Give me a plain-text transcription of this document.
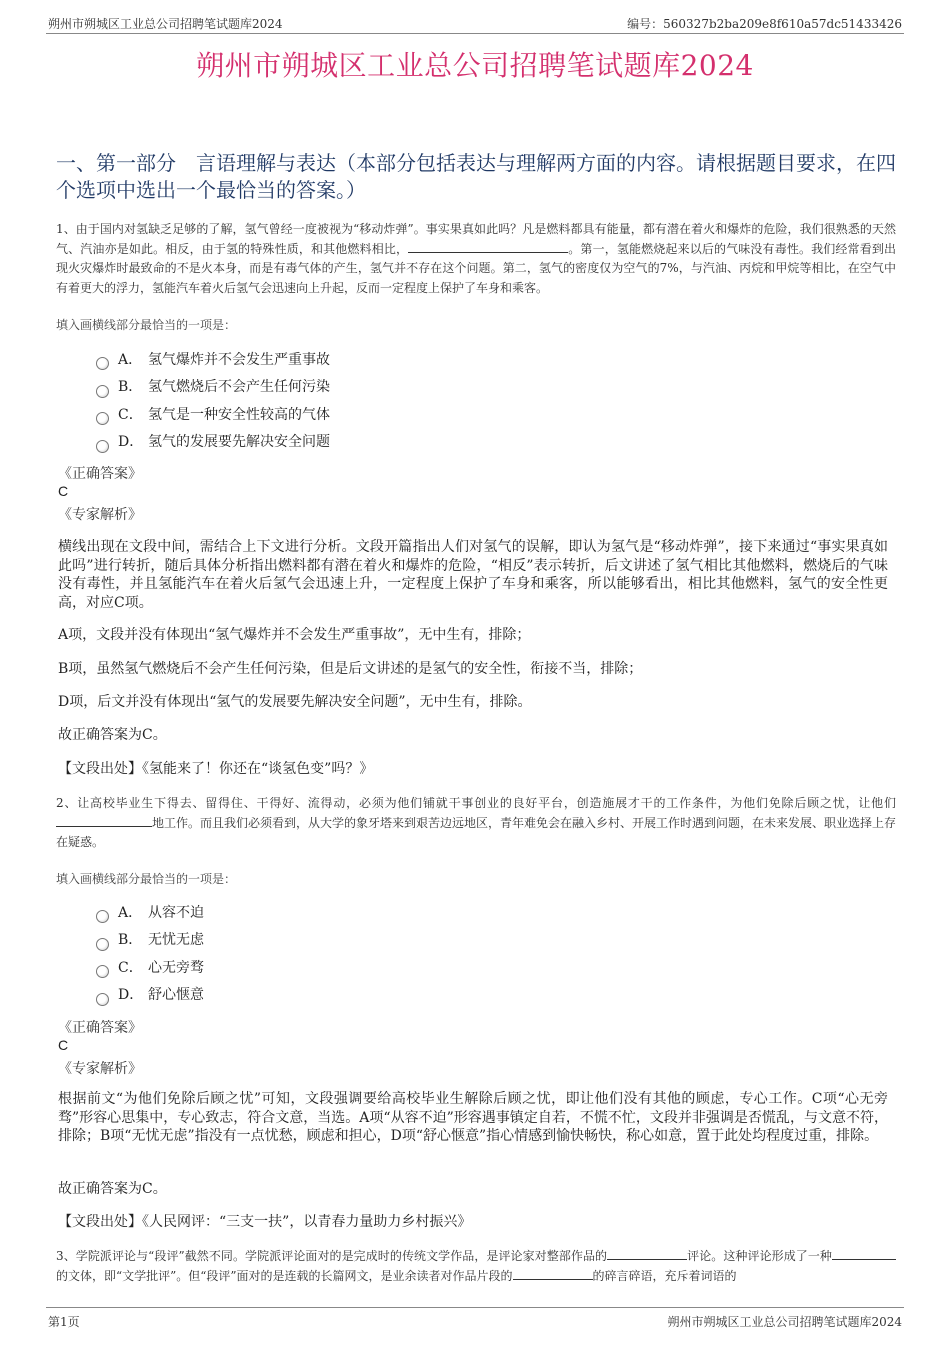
朔州市朔城区工业总公司招聘笔试题库2024	编号：560327b2ba209e8f610a57dc51433426
朔州市朔城区工业总公司招聘笔试题库2024
一、第一部分　言语理解与表达（本部分包括表达与理解两方面的内容。请根据题目要求，在四个选项中选出一个最恰当的答案。）
1、由于国内对氢缺乏足够的了解，氢气曾经一度被视为“移动炸弹”。事实果真如此吗？凡是燃料都具有能量，都有潜在着火和爆炸的危险，我们很熟悉的天然气、汽油亦是如此。相反，由于氢的特殊性质，和其他燃料相比，	。第一，氢能燃烧起来以后的气味没有毒性。我们经常看到出现火灾爆炸时最致命的不是火本身，而是有毒气体的产生，氢气并不存在这个问题。第二，氢气的密度仅为空气的7%，与汽油、丙烷和甲烷等相比，在空气中有着更大的浮力，氢能汽车着火后氢气会迅速向上升起，反而一定程度上保护了车身和乘客。
填入画横线部分最恰当的一项是：
A． 氢气爆炸并不会发生严重事故
B． 氢气燃烧后不会产生任何污染
C． 氢气是一种安全性较高的气体
D． 氢气的发展要先解决安全问题
《正确答案》
C
《专家解析》
横线出现在文段中间，需结合上下文进行分析。文段开篇指出人们对氢气的误解，即认为氢气是“移动炸弹”，接下来通过“事实果真如此吗”进行转折，随后具体分析指出燃料都有潜在着火和爆炸的危险，“相反”表示转折，后文讲述了氢气相比其他燃料，燃烧后的气味没有毒性，并且氢能汽车在着火后氢气会迅速上升，一定程度上保护了车身和乘客，所以能够看出，相比其他燃料，氢气的安全性更高，对应C项。
A项，文段并没有体现出“氢气爆炸并不会发生严重事故”，无中生有，排除；
B项，虽然氢气燃烧后不会产生任何污染，但是后文讲述的是氢气的安全性，衔接不当，排除；
D项，后文并没有体现出“氢气的发展要先解决安全问题”，无中生有，排除。
故正确答案为C。
【文段出处】《氢能来了！你还在“谈氢色变”吗？》
2、让高校毕业生下得去、留得住、干得好、流得动，必须为他们铺就干事创业的良好平台，创造施展才干的工作条件，为他们免除后顾之忧，让他们地工作。而且我们必须看到，从大学的象牙塔来到艰苦边远地区，青年难免会在融入乡村、开展工作时遇到问题，在未来发展、职业选择上存在疑惑。
填入画横线部分最恰当的一项是：
A． 从容不迫
B． 无忧无虑
C． 心无旁骛
D． 舒心惬意
《正确答案》
C
《专家解析》
根据前文“为他们免除后顾之忧”可知，文段强调要给高校毕业生解除后顾之忧，即让他们没有其他的顾虑，专心工作。C项“心无旁骛”形容心思集中，专心致志，符合文意，当选。A项“从容不迫”形容遇事镇定自若，不慌不忙，文段并非强调是否慌乱，与文意不符，排除；B项“无忧无虑”指没有一点忧愁，顾虑和担心，D项“舒心惬意”指心情感到愉快畅快，称心如意，置于此处均程度过重，排除。
故正确答案为C。
【文段出处】《人民网评：“三支一扶”，以青春力量助力乡村振兴》
3、学院派评论与“段评”截然不同。学院派评论面对的是完成时的传统文学作品，是评论家对整部作品的	评论。这种评论形成了一种的文体，即“文学批评”。但“段评”面对的是连载的长篇网文，是业余读者对作品片段的	的碎言碎语，充斥着词语的
第1页	朔州市朔城区工业总公司招聘笔试题库2024
